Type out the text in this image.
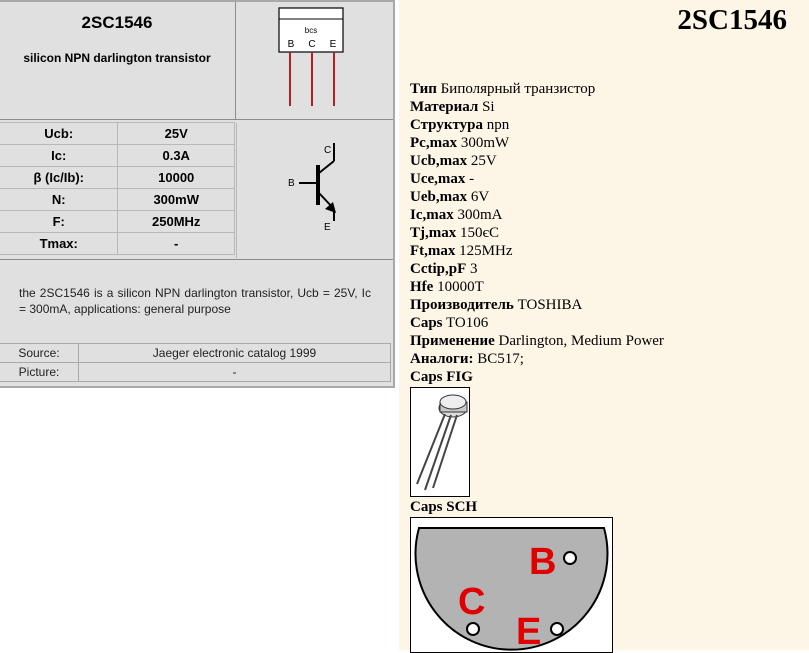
2SC1546
silicon NPN darlington transistor
bcs
B C E
Ucb:	25V
Ic:	0.3A
β (Ic/Ib):	10000
N:	300mW
F:	250MHz
Tmax:	-
B
C
E
the 2SC1546 is a silicon NPN darlington transistor, Ucb = 25V, Ic = 300mA, applications: general purpose
Source:	Jaeger electronic catalog 1999
Picture:	-
2SC1546
Тип Биполярный транзистор
Материал Si
Структура npn
Pc,max 300mW
Ucb,max 25V
Uce,max -
Ueb,max 6V
Ic,max 300mA
Tj,max 150єC
Ft,max 125MHz
Cctip,pF 3
Hfe 10000T
Производитель TOSHIBA
Caps TO106
Применение Darlington, Medium Power
Аналоги: BC517;
Caps FIG
Caps SCH
B
C
E
